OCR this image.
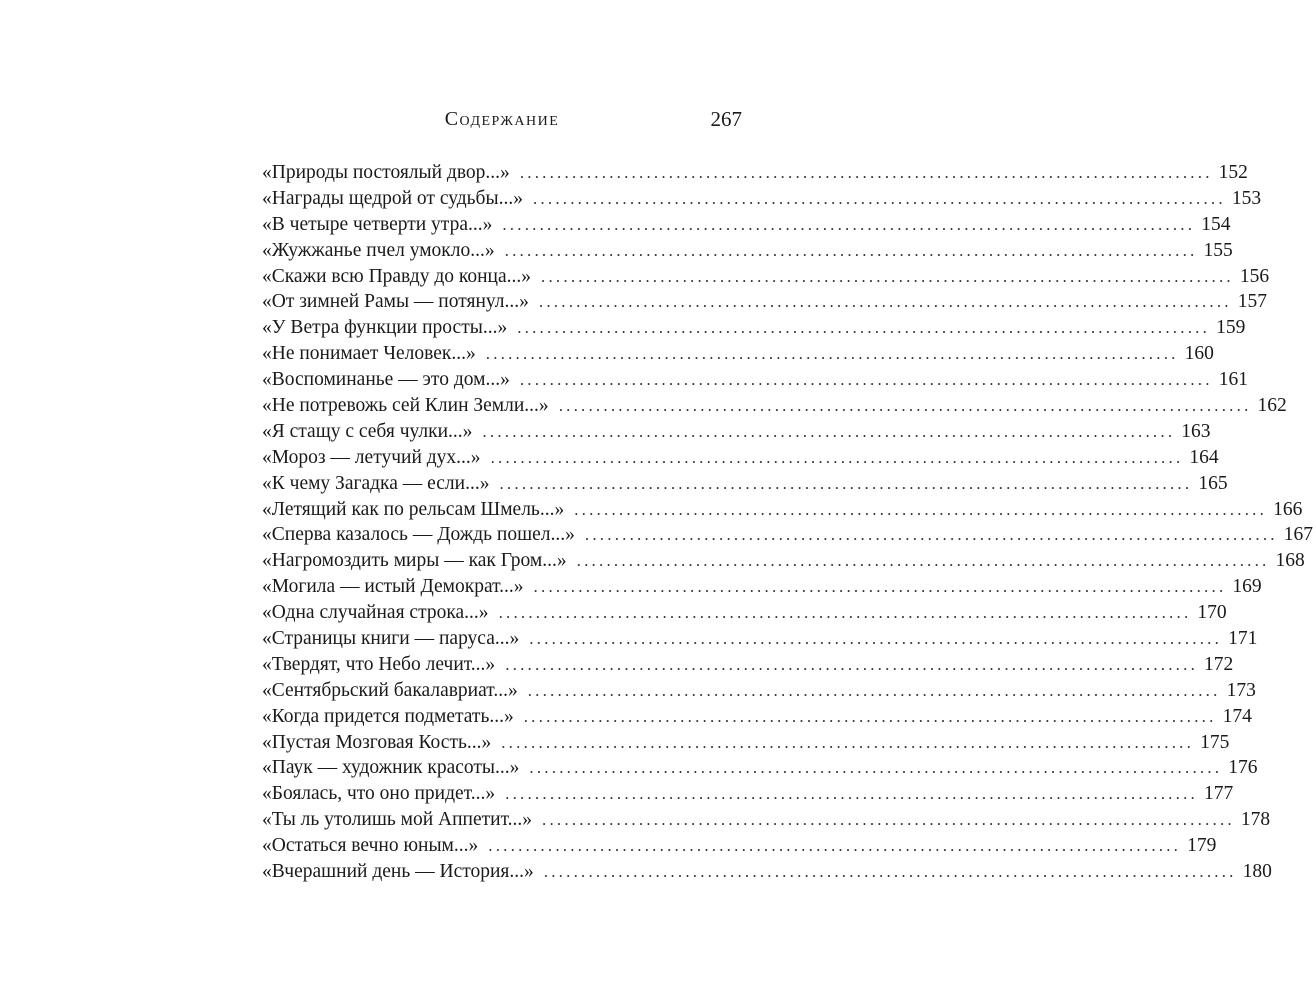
Содержание	267
«Природы постоялый двор...» ............................................................................................. 152
«Награды щедрой от судьбы...» ............................................................................................. 153
«В четыре четверти утра...» ............................................................................................. 154
«Жужжанье пчел умокло...» ............................................................................................. 155
«Скажи всю Правду до конца...» ............................................................................................. 156
«От зимней Рамы — потянул...» ............................................................................................. 157
«У Ветра функции просты...» ............................................................................................. 159
«Не понимает Человек...» ............................................................................................. 160
«Воспоминанье — это дом...» ............................................................................................. 161
«Не потревожь сей Клин Земли...» ............................................................................................. 162
«Я стащу с себя чулки...» ............................................................................................. 163
«Мороз — летучий дух...» ............................................................................................. 164
«К чему Загадка — если...» ............................................................................................. 165
«Летящий как по рельсам Шмель...» ............................................................................................. 166
«Сперва казалось — Дождь пошел...» ............................................................................................. 167
«Нагромоздить миры — как Гром...» ............................................................................................. 168
«Могила — истый Демократ...» ............................................................................................. 169
«Одна случайная строка...» ............................................................................................. 170
«Страницы книги — паруса...» ............................................................................................. 171
«Твердят, что Небо лечит...» ............................................................................................. 172
«Сентябрьский бакалавриат...» ............................................................................................. 173
«Когда придется подметать...» ............................................................................................. 174
«Пустая Мозговая Кость...» ............................................................................................. 175
«Паук — художник красоты...» ............................................................................................. 176
«Боялась, что оно придет...» ............................................................................................. 177
«Ты ль утолишь мой Аппетит...» ............................................................................................. 178
«Остаться вечно юным...» ............................................................................................. 179
«Вчерашний день — История...» ............................................................................................. 180
